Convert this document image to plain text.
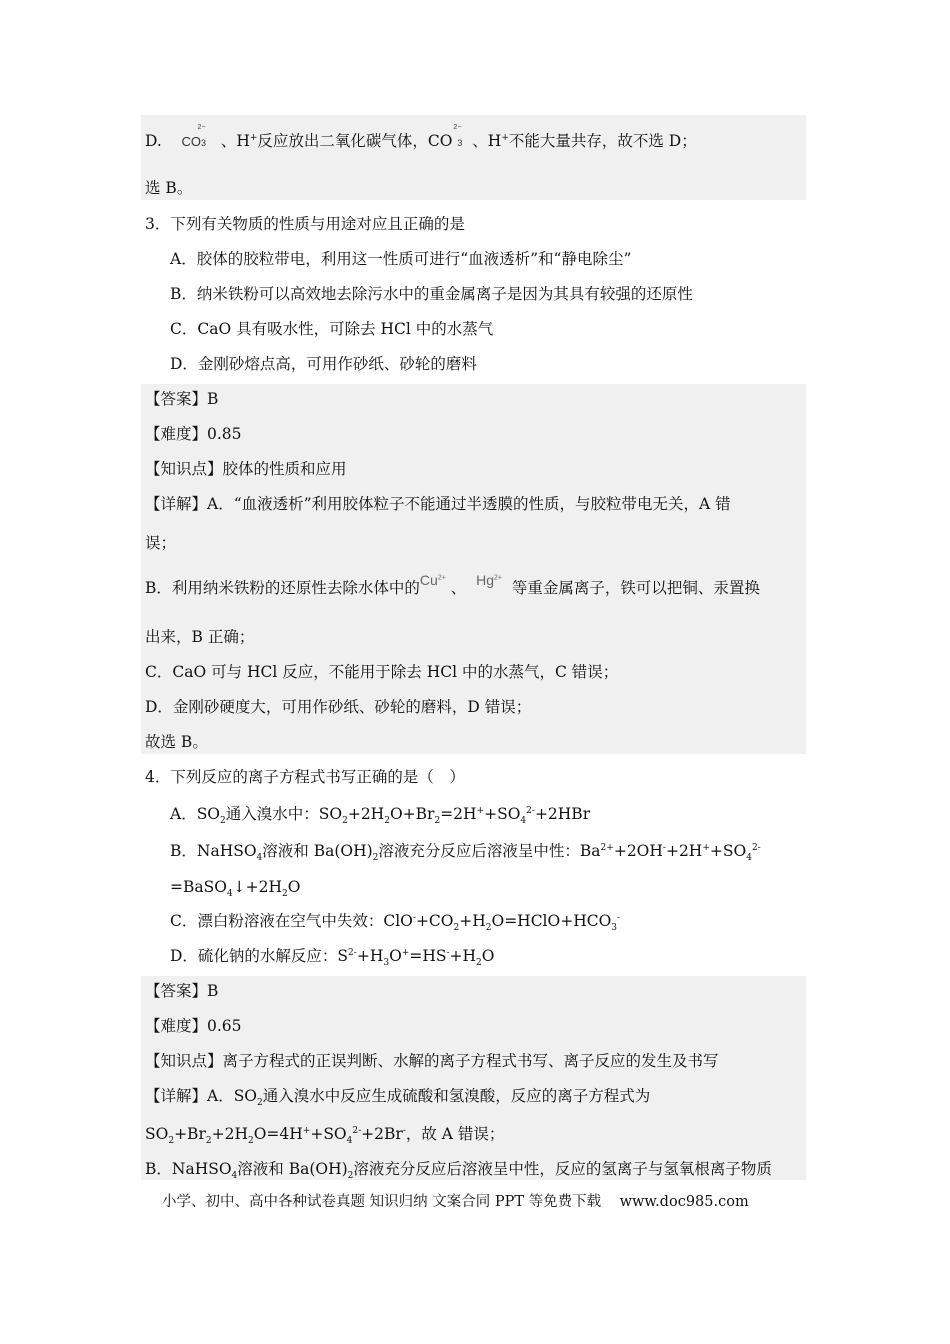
D. CO
2−
$_3$ 、H+反应放出二氧化碳气体，CO
2−
$_3$ 、H+不能大量共存，故不选 D；
选 B。
3．下列有关物质的性质与用途对应且正确的是
A．胶体的胶粒带电，利用这一性质可进行“血液透析”和“静电除尘”
B．纳米铁粉可以高效地去除污水中的重金属离子是因为其具有较强的还原性
C．CaO 具有吸水性，可除去 HCl 中的水蒸气
D．金刚砂熔点高，可用作砂纸、砂轮的磨料
【答案】B
【难度】0.85
【知识点】胶体的性质和应用
【详解】A．“血液透析”利用胶体粒子不能通过半透膜的性质，与胶粒带电无关，A 错
误；
B．利用纳米铁粉的还原性去除水体中的$Cu^{2+}$ 、 $Hg^{2+}$  等重金属离子，铁可以把铜、汞置换
出来，B 正确；
C．CaO 可与 HCl 反应，不能用于除去 HCl 中的水蒸气，C 错误；
D．金刚砂硬度大，可用作砂纸、砂轮的磨料，D 错误；
故选 B。
4．下列反应的离子方程式书写正确的是（　）
A．$SO_2$通入溴水中：$SO_2+2H_2O+Br_2=2H^++SO_4^{2-}+2HBr$
B．NaHSO$_4$溶液和 $Ba(OH)_2$溶液充分反应后溶液呈中性：$Ba^{2+}+2OH^-+2H^++SO_4^{2-}$
$=BaSO_4↓+2H_2O$
C．漂白粉溶液在空气中失效：$ClO^-+CO_2+H_2O=HClO+HCO_3^-$
D．硫化钠的水解反应：$S^{2-}+H_3O^+=HS^-+H_2O$
【答案】B
【难度】0.65
【知识点】离子方程式的正误判断、水解的离子方程式书写、离子反应的发生及书写
【详解】A．$SO_2$通入溴水中反应生成硫酸和氢溴酸，反应的离子方程式为
$SO_2+Br_2+2H_2O=4H^++SO_4^{2-}+2Br^-$，故 A 错误；
B．NaHSO$_4$溶液和 $Ba(OH)_2$溶液充分反应后溶液呈中性，反应的氢离子与氢氧根离子物质
小学、初中、高中各种试卷真题 知识归纳 文案合同 PPT 等免费下载 www.doc985.com
